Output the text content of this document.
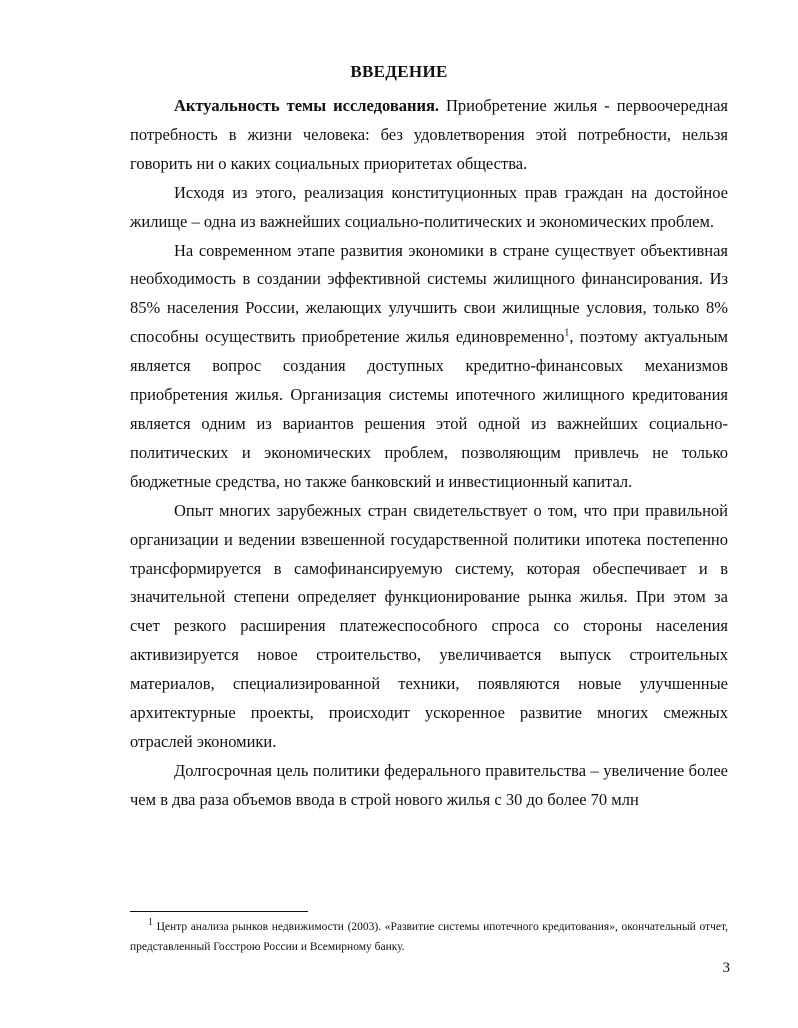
ВВЕДЕНИЕ

Актуальность темы исследования. Приобретение жилья - первоочередная потребность в жизни человека: без удовлетворения этой потребности, нельзя говорить ни о каких социальных приоритетах общества.

Исходя из этого, реализация конституционных прав граждан на достойное жилище – одна из важнейших социально-политических и экономических проблем.

На современном этапе развития экономики в стране существует объективная необходимость в создании эффективной системы жилищного финансирования. Из 85% населения России, желающих улучшить свои жилищные условия, только 8% способны осуществить приобретение жилья единовременно$^1$, поэтому актуальным является вопрос создания доступных кредитно-финансовых механизмов приобретения жилья. Организация системы ипотечного жилищного кредитования является одним из вариантов решения этой одной из важнейших социально-политических и экономических проблем, позволяющим привлечь не только бюджетные средства, но также банковский и инвестиционный капитал.

Опыт многих зарубежных стран свидетельствует о том, что при правильной организации и ведении взвешенной государственной политики ипотека постепенно трансформируется в самофинансируемую систему, которая обеспечивает и в значительной степени определяет функционирование рынка жилья. При этом за счет резкого расширения платежеспособного спроса со стороны населения активизируется новое строительство, увеличивается выпуск строительных материалов, специализированной техники, появляются новые улучшенные архитектурные проекты, происходит ускоренное развитие многих смежных отраслей экономики.

Долгосрочная цель политики федерального правительства – увеличение более чем в два раза объемов ввода в строй нового жилья с 30 до более 70 млн

$^1$ Центр анализа рынков недвижимости (2003). «Развитие системы ипотечного кредитования», окончательный отчет, представленный Госстрою России и Всемирному банку.
3
